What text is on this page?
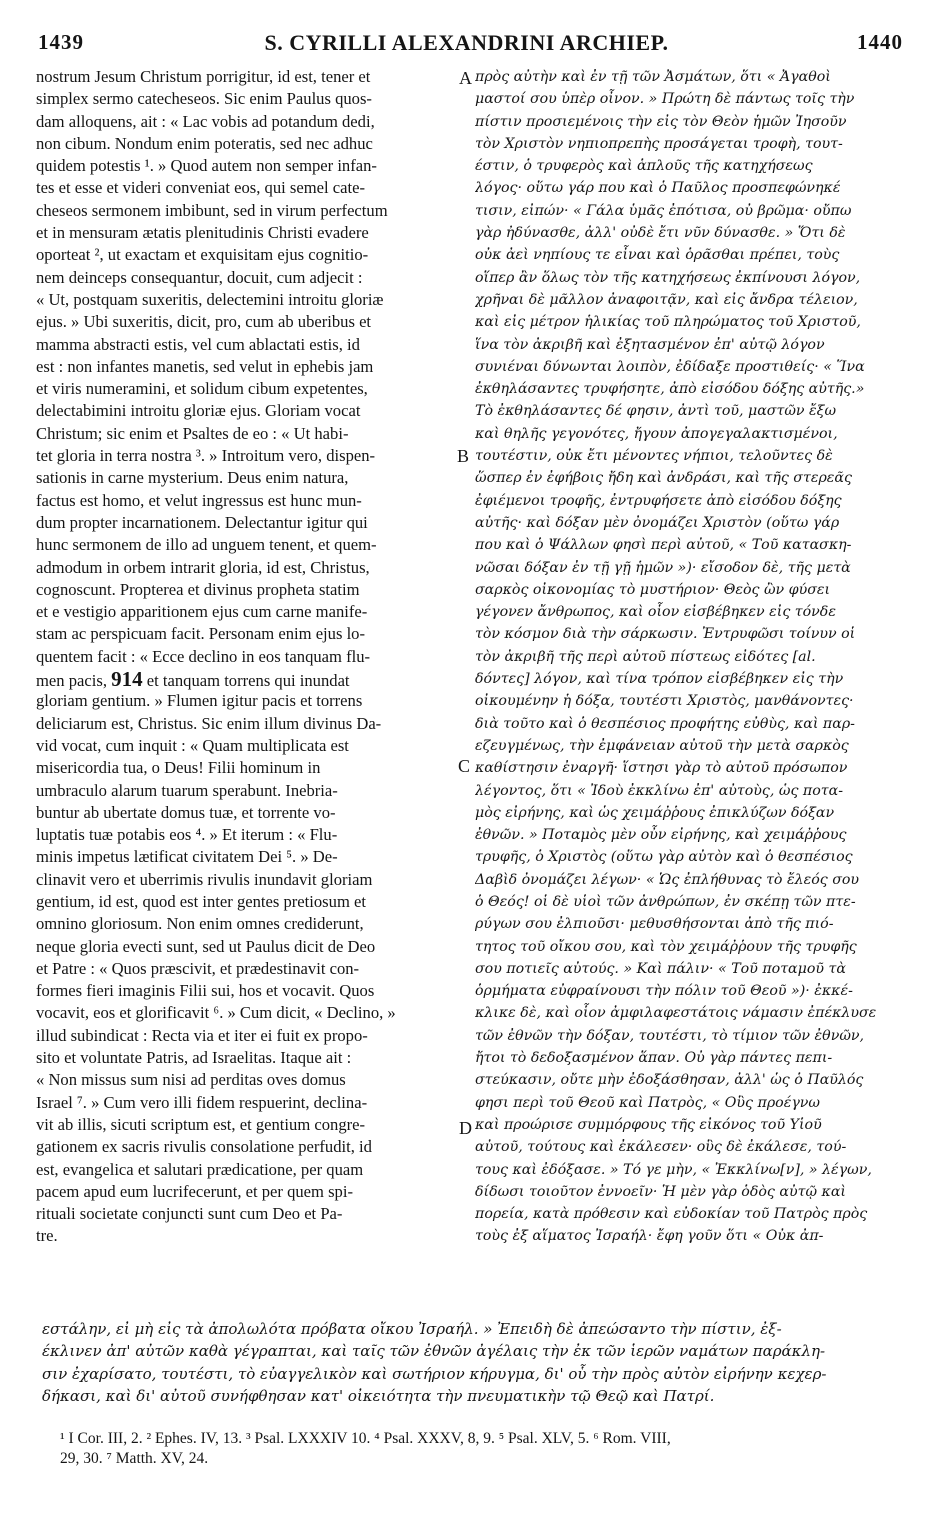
1439	S. CYRILLI ALEXANDRINI ARCHIEP.	1440
A
B
C
D
nostrum Jesum Christum porrigitur, id est, tener et
simplex sermo catecheseos. Sic enim Paulus quos-
dam alloquens, ait : « Lac vobis ad potandum dedi,
non cibum. Nondum enim poteratis, sed nec adhuc
quidem potestis ¹. » Quod autem non semper infan-
tes et esse et videri conveniat eos, qui semel cate-
cheseos sermonem imbibunt, sed in virum perfectum
et in mensuram ætatis plenitudinis Christi evadere
oporteat ², ut exactam et exquisitam ejus cognitio-
nem deinceps consequantur, docuit, cum adjecit :
« Ut, postquam suxeritis, delectemini introitu gloriæ
ejus. » Ubi suxeritis, dicit, pro, cum ab uberibus et
mamma abstracti estis, vel cum ablactati estis, id
est : non infantes manetis, sed velut in ephebis jam
et viris numeramini, et solidum cibum expetentes,
delectabimini introitu gloriæ ejus. Gloriam vocat
Christum; sic enim et Psaltes de eo : « Ut habi-
tet gloria in terra nostra ³. » Introitum vero, dispen-
sationis in carne mysterium. Deus enim natura,
factus est homo, et velut ingressus est hunc mun-
dum propter incarnationem. Delectantur igitur qui
hunc sermonem de illo ad unguem tenent, et quem-
admodum in orbem intrarit gloria, id est, Christus,
cognoscunt. Propterea et divinus propheta statim
et e vestigio apparitionem ejus cum carne manife-
stam ac perspicuam facit. Personam enim ejus lo-
quentem facit : « Ecce declino in eos tanquam flu-
men pacis, 914 et tanquam torrens qui inundat
gloriam gentium. » Flumen igitur pacis et torrens
deliciarum est, Christus. Sic enim illum divinus Da-
vid vocat, cum inquit : « Quam multiplicata est
misericordia tua, o Deus! Filii hominum in
umbraculo alarum tuarum sperabunt. Inebria-
buntur ab ubertate domus tuæ, et torrente vo-
luptatis tuæ potabis eos ⁴. » Et iterum : « Flu-
minis impetus lætificat civitatem Dei ⁵. » De-
clinavit vero et uberrimis rivulis inundavit gloriam
gentium, id est, quod est inter gentes pretiosum et
omnino gloriosum. Non enim omnes crediderunt,
neque gloria evecti sunt, sed ut Paulus dicit de Deo
et Patre : « Quos præscivit, et prædestinavit con-
formes fieri imaginis Filii sui, hos et vocavit. Quos
vocavit, eos et glorificavit ⁶. » Cum dicit, « Declino, »
illud subindicat : Recta via et iter ei fuit ex propo-
sito et voluntate Patris, ad Israelitas. Itaque ait :
« Non missus sum nisi ad perditas oves domus
Israel ⁷. » Cum vero illi fidem respuerint, declina-
vit ab illis, sicuti scriptum est, et gentium congre-
gationem ex sacris rivulis consolatione perfudit, id
est, evangelica et salutari prædicatione, per quam
pacem apud eum lucrifecerunt, et per quem spi-
rituali societate conjuncti sunt cum Deo et Pa-
tre.
πρὸς αὐτὴν καὶ ἐν τῇ τῶν Ἀσμάτων, ὅτι « Ἀγαθοὶ
μαστοί σου ὑπὲρ οἶνον. » Πρώτη δὲ πάντως τοῖς τὴν
πίστιν προσιεμένοις τὴν εἰς τὸν Θεὸν ἡμῶν Ἰησοῦν
τὸν Χριστὸν νηπιοπρεπὴς προσάγεται τροφὴ, τουτ-
έστιν, ὁ τρυφερὸς καὶ ἁπλοῦς τῆς κατηχήσεως
λόγος· οὕτω γάρ που καὶ ὁ Παῦλος προσπεφώνηκέ
τισιν, εἰπών· « Γάλα ὑμᾶς ἐπότισα, οὐ βρῶμα· οὔπω
γὰρ ἠδύνασθε, ἀλλ' οὐδὲ ἔτι νῦν δύνασθε. » Ὅτι δὲ
οὐκ ἀεὶ νηπίους τε εἶναι καὶ ὁρᾶσθαι πρέπει, τοὺς
οἵπερ ἂν ὅλως τὸν τῆς κατηχήσεως ἐκπίνουσι λόγον,
χρῆναι δὲ μᾶλλον ἀναφοιτᾷν, καὶ εἰς ἄνδρα τέλειον,
καὶ εἰς μέτρον ἡλικίας τοῦ πληρώματος τοῦ Χριστοῦ,
ἵνα τὸν ἀκριβῆ καὶ ἐξητασμένον ἐπ' αὐτῷ λόγον
συνιέναι δύνωνται λοιπὸν, ἐδίδαξε προστιθείς· « Ἵνα
ἐκθηλάσαντες τρυφήσητε, ἀπὸ εἰσόδου δόξης αὐτῆς.»
Τὸ ἐκθηλάσαντες δέ φησιν, ἀντὶ τοῦ, μαστῶν ἔξω
καὶ θηλῆς γεγονότες, ἤγουν ἀπογεγαλακτισμένοι,
τουτέστιν, οὐκ ἔτι μένοντες νήπιοι, τελοῦντες δὲ
ὥσπερ ἐν ἐφήβοις ἤδη καὶ ἀνδράσι, καὶ τῆς στερεᾶς
ἐφιέμενοι τροφῆς, ἐντρυφήσετε ἀπὸ εἰσόδου δόξης
αὐτῆς· καὶ δόξαν μὲν ὀνομάζει Χριστὸν (οὕτω γάρ
που καὶ ὁ Ψάλλων φησὶ περὶ αὐτοῦ, « Τοῦ κατασκη-
νῶσαι δόξαν ἐν τῇ γῇ ἡμῶν »)· εἴσοδον δὲ, τῆς μετὰ
σαρκὸς οἰκονομίας τὸ μυστήριον· Θεὸς ὢν φύσει
γέγονεν ἄνθρωπος, καὶ οἷον εἰσβέβηκεν εἰς τόνδε
τὸν κόσμον διὰ τὴν σάρκωσιν. Ἐντρυφῶσι τοίνυν οἱ
τὸν ἀκριβῆ τῆς περὶ αὐτοῦ πίστεως εἰδότες [al.
δόντες] λόγον, καὶ τίνα τρόπον εἰσβέβηκεν εἰς τὴν
οἰκουμένην ἡ δόξα, τουτέστι Χριστὸς, μανθάνοντες·
διὰ τοῦτο καὶ ὁ θεσπέσιος προφήτης εὐθὺς, καὶ παρ-
εζευγμένως, τὴν ἐμφάνειαν αὐτοῦ τὴν μετὰ σαρκὸς
καθίστησιν ἐναργῆ· ἵστησι γὰρ τὸ αὐτοῦ πρόσωπον
λέγοντος, ὅτι « Ἰδοὺ ἐκκλίνω ἐπ' αὐτοὺς, ὡς ποτα-
μὸς εἰρήνης, καὶ ὡς χειμάῤῥους ἐπικλύζων δόξαν
ἐθνῶν. » Ποταμὸς μὲν οὖν εἰρήνης, καὶ χειμάῤῥους
τρυφῆς, ὁ Χριστὸς (οὕτω γὰρ αὐτὸν καὶ ὁ θεσπέσιος
Δαβὶδ ὀνομάζει λέγων· « Ὡς ἐπλήθυνας τὸ ἔλεός σου
ὁ Θεός! οἱ δὲ υἱοὶ τῶν ἀνθρώπων, ἐν σκέπῃ τῶν πτε-
ρύγων σου ἐλπιοῦσι· μεθυσθήσονται ἀπὸ τῆς πιό-
τητος τοῦ οἴκου σου, καὶ τὸν χειμάῤῥουν τῆς τρυφῆς
σου ποτιεῖς αὐτούς. » Καὶ πάλιν· « Τοῦ ποταμοῦ τὰ
ὁρμήματα εὐφραίνουσι τὴν πόλιν τοῦ Θεοῦ »)· ἐκκέ-
κλικε δὲ, καὶ οἷον ἀμφιλαφεστάτοις νάμασιν ἐπέκλυσε
τῶν ἐθνῶν τὴν δόξαν, τουτέστι, τὸ τίμιον τῶν ἐθνῶν,
ἤτοι τὸ δεδοξασμένον ἅπαν. Οὐ γὰρ πάντες πεπι-
στεύκασιν, οὔτε μὴν ἐδοξάσθησαν, ἀλλ' ὡς ὁ Παῦλός
φησι περὶ τοῦ Θεοῦ καὶ Πατρὸς, « Οὓς προέγνω
καὶ προώρισε συμμόρφους τῆς εἰκόνος τοῦ Υἱοῦ
αὐτοῦ, τούτους καὶ ἐκάλεσεν· οὓς δὲ ἐκάλεσε, τού-
τους καὶ ἐδόξασε. » Τό γε μὴν, « Ἐκκλίνω[ν], » λέγων,
δίδωσι τοιοῦτον ἐννοεῖν· Ἡ μὲν γὰρ ὁδὸς αὐτῷ καὶ
πορεία, κατὰ πρόθεσιν καὶ εὐδοκίαν τοῦ Πατρὸς πρὸς
τοὺς ἐξ αἵματος Ἰσραήλ· ἔφη γοῦν ὅτι « Οὐκ ἀπ-
εστάλην, εἰ μὴ εἰς τὰ ἀπολωλότα πρόβατα οἴκου Ἰσραήλ. » Ἐπειδὴ δὲ ἀπεώσαντο τὴν πίστιν, ἐξ-
έκλινεν ἀπ' αὐτῶν καθὰ γέγραπται, καὶ ταῖς τῶν ἐθνῶν ἀγέλαις τὴν ἐκ τῶν ἱερῶν ναμάτων παράκλη-
σιν ἐχαρίσατο, τουτέστι, τὸ εὐαγγελικὸν καὶ σωτήριον κήρυγμα, δι' οὗ τὴν πρὸς αὐτὸν εἰρήνην κεχερ-
δήκασι, καὶ δι' αὐτοῦ συνήφθησαν κατ' οἰκειότητα τὴν πνευματικὴν τῷ Θεῷ καὶ Πατρί.
¹ I Cor. III, 2. ² Ephes. IV, 13. ³ Psal. LXXXIV 10. ⁴ Psal. XXXV, 8, 9. ⁵ Psal. XLV, 5. ⁶ Rom. VIII,
29, 30. ⁷ Matth. XV, 24.
